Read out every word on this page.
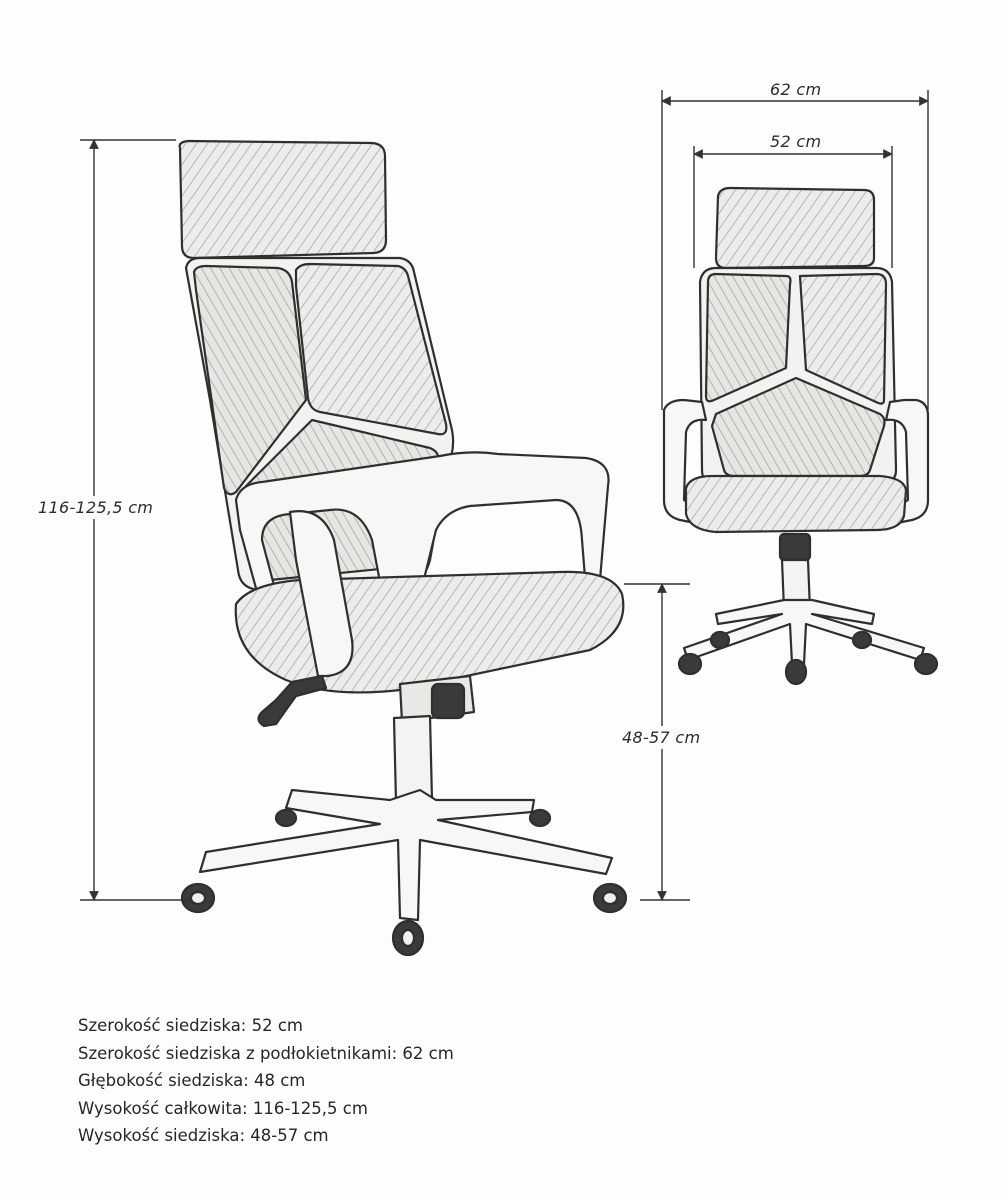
62 cm
52 cm
116-125,5 cm
48-57 cm
Szerokość siedziska: 52 cm
Szerokość siedziska z podłokietnikami: 62 cm
Głębokość siedziska: 48 cm
Wysokość całkowita: 116-125,5 cm
Wysokość siedziska: 48-57 cm
